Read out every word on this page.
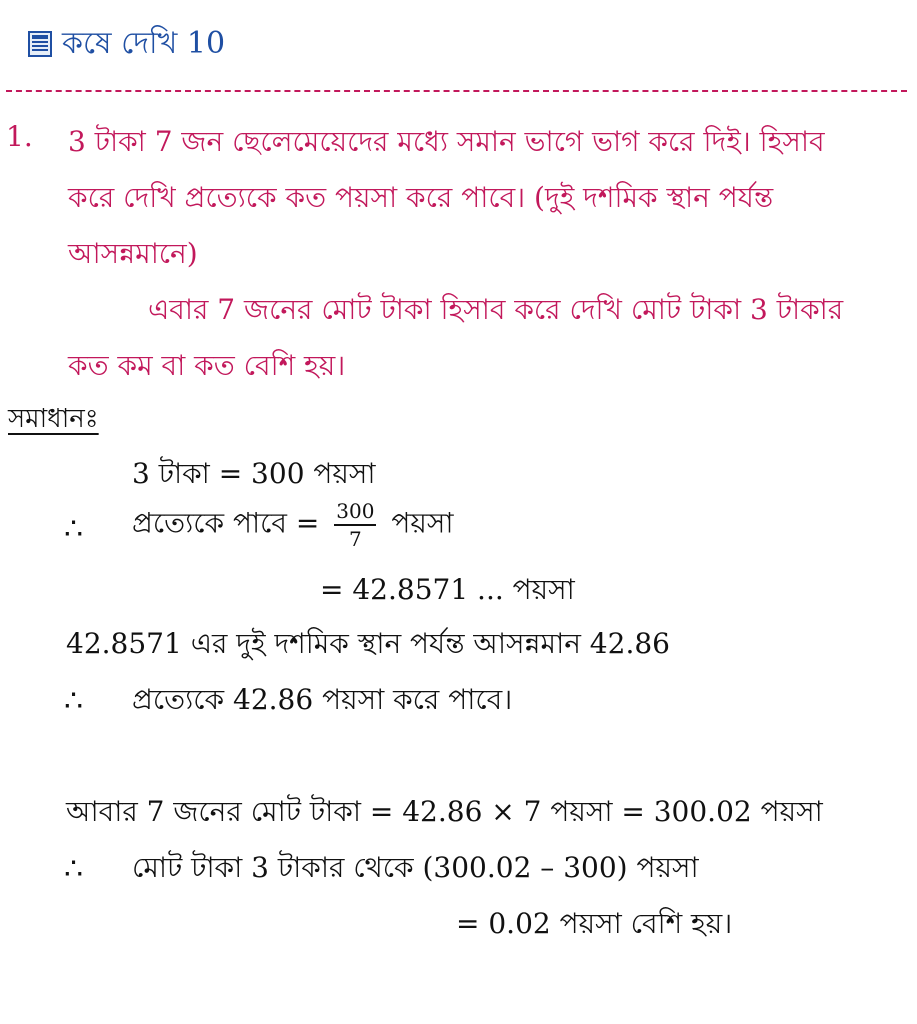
কষে দেখি 10
1. 3 টাকা 7 জন ছেলেমেয়েদের মধ্যে সমান ভাগে ভাগ করে দিই। হিসাব
করে দেখি প্রত্যেকে কত পয়সা করে পাবে। (দুই দশমিক স্থান পর্যন্ত
আসন্নমানে)
এবার 7 জনের মোট টাকা হিসাব করে দেখি মোট টাকা 3 টাকার
কত কম বা কত বেশি হয়।
সমাধানঃ
3 টাকা = 300 পয়সা
∴ প্রত্যেকে পাবে = $\frac{300}{7}$ পয়সা
= 42.8571 ... পয়সা
42.8571 এর দুই দশমিক স্থান পর্যন্ত আসন্নমান 42.86
∴ প্রত্যেকে 42.86 পয়সা করে পাবে।
আবার 7 জনের মোট টাকা = 42.86 × 7 পয়সা = 300.02 পয়সা
∴ মোট টাকা 3 টাকার থেকে (300.02 – 300) পয়সা
= 0.02 পয়সা বেশি হয়।
